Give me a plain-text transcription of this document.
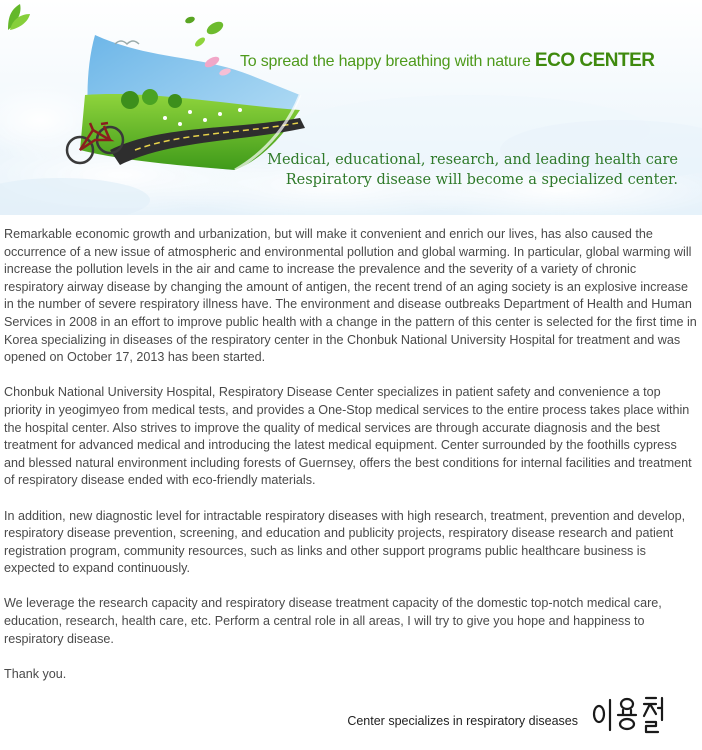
To spread the happy breathing with nature ECO CENTER
Medical, educational, research, and leading health care
Respiratory disease will become a specialized center.

Remarkable economic growth and urbanization, but will make it convenient and enrich our lives, has also caused the occurrence of a new issue of atmospheric and environmental pollution and global warming. In particular, global warming will increase the pollution levels in the air and came to increase the prevalence and the severity of a variety of chronic respiratory airway disease by changing the amount of antigen, the recent trend of an aging society is an explosive increase in the number of severe respiratory illness have. The environment and disease outbreaks Department of Health and Human Services in 2008 in an effort to improve public health with a change in the pattern of this center is selected for the first time in Korea specializing in diseases of the respiratory center in the Chonbuk National University Hospital for treatment and was opened on October 17, 2013 has been started.

Chonbuk National University Hospital, Respiratory Disease Center specializes in patient safety and convenience a top priority in yeogimyeo from medical tests, and provides a One-Stop medical services to the entire process takes place within the hospital center. Also strives to improve the quality of medical services are through accurate diagnosis and the best treatment for advanced medical and introducing the latest medical equipment. Center surrounded by the foothills cypress and blessed natural environment including forests of Guernsey, offers the best conditions for internal facilities and treatment of respiratory disease ended with eco-friendly materials.

In addition, new diagnostic level for intractable respiratory diseases with high research, treatment, prevention and develop, respiratory disease prevention, screening, and education and publicity projects, respiratory disease research and patient registration program, community resources, such as links and other support programs public healthcare business is expected to expand continuously.

We leverage the research capacity and respiratory disease treatment capacity of the domestic top-notch medical care, education, research, health care, etc. Perform a central role in all areas, I will try to give you hope and happiness to respiratory disease.

Thank you.

Center specializes in respiratory diseases
